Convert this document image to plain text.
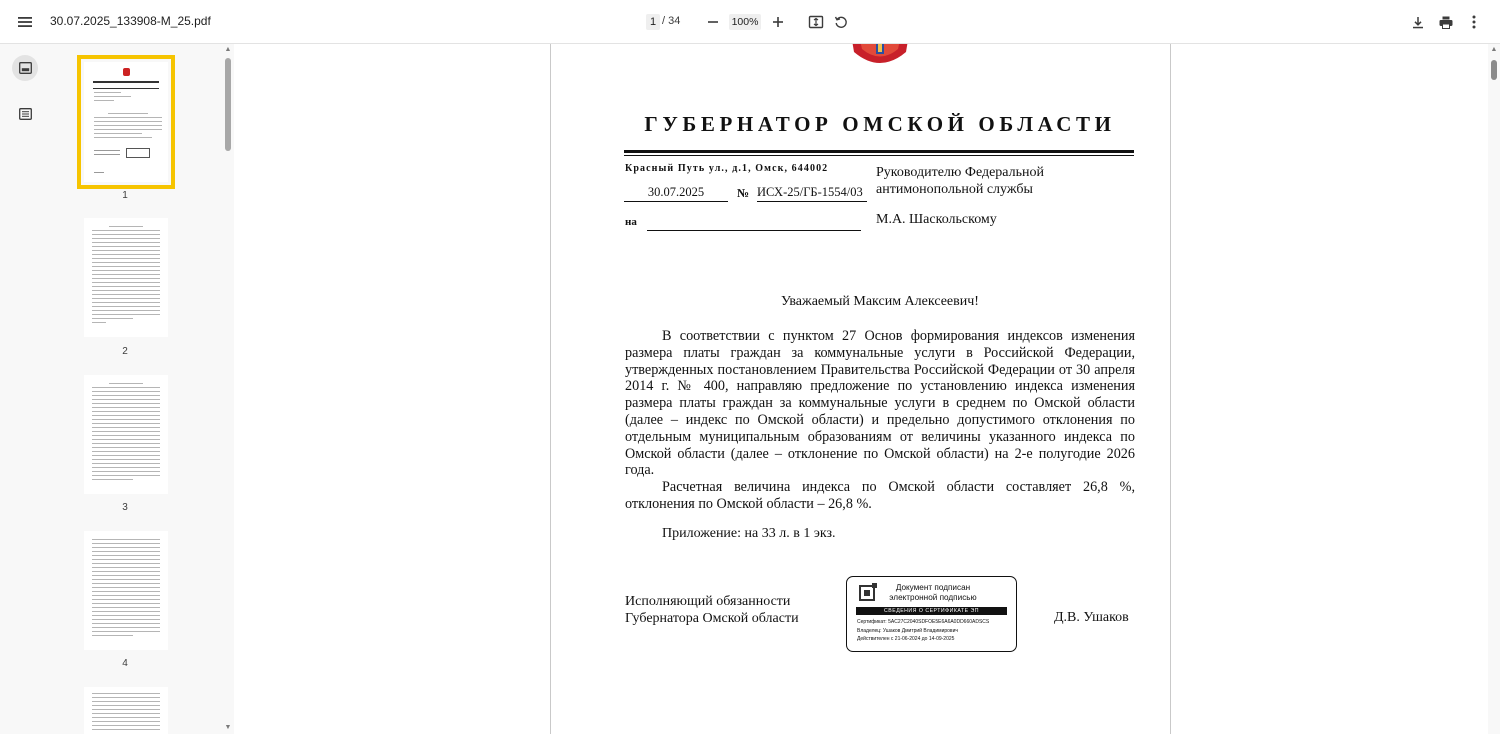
30.07.2025_133908-M_25.pdf	1 / 34	100%
1
2
3
4
▲
▼
ГУБЕРНАТОР ОМСКОЙ ОБЛАСТИ
Красный Путь ул., д.1, Омск, 644002
30.07.2025	№ ИСХ-25/ГБ-1554/03
на
Руководителю Федеральной
антимонопольной службы
М.А. Шаскольскому
Уважаемый Максим Алексеевич!
В соответствии с пунктом 27 Основ формирования индексов изменения размера платы граждан за коммунальные услуги в Российской Федерации, утвержденных постановлением Правительства Российской Федерации от 30 апреля 2014 г. № 400, направляю предложение по установлению индекса изменения размера платы граждан за коммунальные услуги в среднем по Омской области (далее – индекс по Омской области) и предельно допустимого отклонения по отдельным муниципальным образованиям от величины указанного индекса по Омской области (далее – отклонение по Омской области) на 2-е полугодие 2026 года.
Расчетная величина индекса по Омской области составляет 26,8 %, отклонения по Омской области – 26,8 %.
Приложение: на 33 л. в 1 экз.
Исполняющий обязанности
Губернатора Омской области
Документ подписан
электронной подписью
СВЕДЕНИЯ О СЕРТИФИКАТЕ ЭП
Сертификат: 5AC27C2040SDFOE5E6A6A0DD660ADSCS
Владелец: Ушаков Дмитрий Владимирович
Действителен с 21-06-2024 до 14-09-2025
Д.В. Ушаков
▲
